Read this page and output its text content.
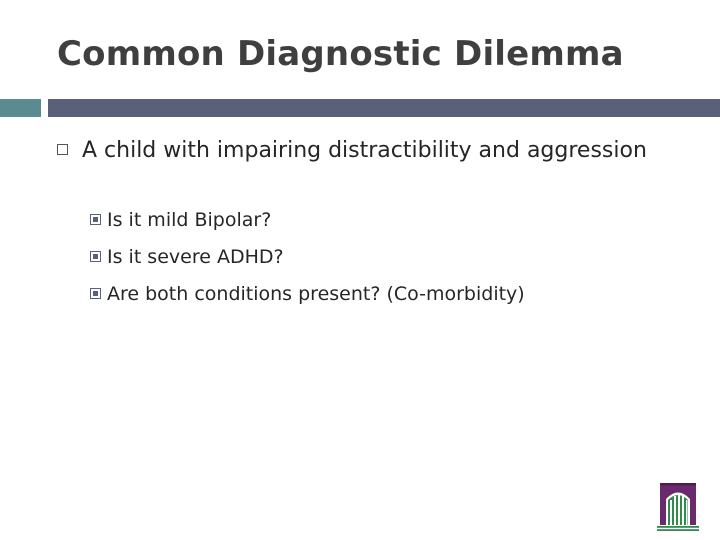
Common Diagnostic Dilemma
A child with impairing distractibility and aggression
Is it mild Bipolar?
Is it severe ADHD?
Are both conditions present? (Co-morbidity)
